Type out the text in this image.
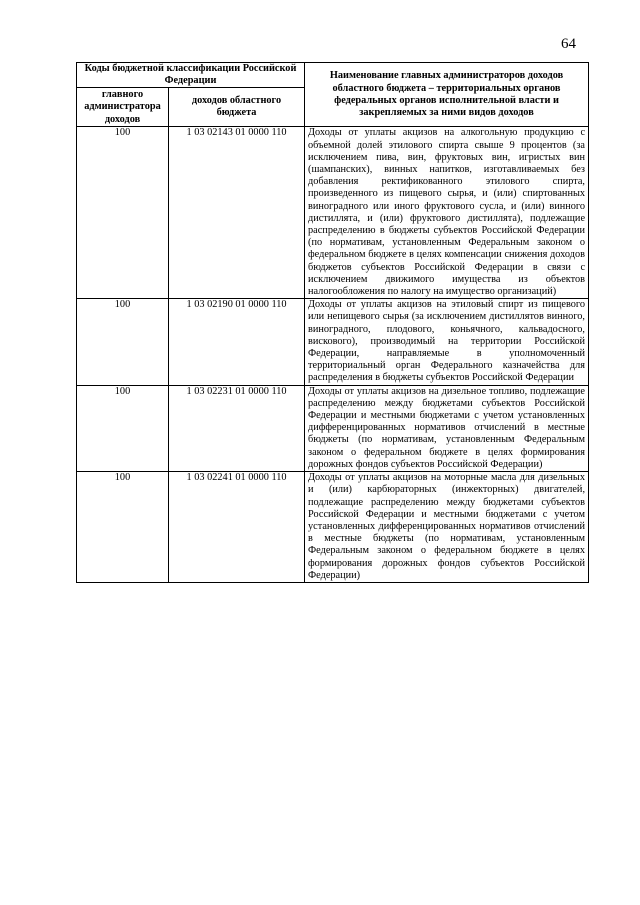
64
Коды бюджетной классификации Российской Федерации		Наименование главных администраторов доходов областного бюджета – территориальных органов федеральных органов исполнительной власти и закрепляемых за ними видов доходов
главного администратора доходов	доходов областного бюджета	
100	1 03 02143 01 0000 110	Доходы от уплаты акцизов на алкогольную продукцию с объемной долей этилового спирта свыше 9 процентов (за исключением пива, вин, фруктовых вин, игристых вин (шампанских), винных напитков, изготавливаемых без добавления ректификованного этилового спирта, произведенного из пищевого сырья, и (или) спиртованных виноградного или иного фруктового сусла, и (или) винного дистиллята, и (или) фруктового дистиллята), подлежащие распределению в бюджеты субъектов Российской Федерации (по нормативам, установленным Федеральным законом о федеральном бюджете в целях компенсации снижения доходов бюджетов субъектов Российской Федерации в связи с исключением движимого имущества из объектов налогообложения по налогу на имущество организаций)
100	1 03 02190 01 0000 110	Доходы от уплаты акцизов на этиловый спирт из пищевого или непищевого сырья (за исключением дистиллятов винного, виноградного, плодового, коньячного, кальвадосного, вискового), производимый на территории Российской Федерации, направляемые в уполномоченный территориальный орган Федерального казначейства для распределения в бюджеты субъектов Российской Федерации
100	1 03 02231 01 0000 110	Доходы от уплаты акцизов на дизельное топливо, подлежащие распределению между бюджетами субъектов Российской Федерации и местными бюджетами с учетом установленных дифференцированных нормативов отчислений в местные бюджеты (по нормативам, установленным Федеральным законом о федеральном бюджете в целях формирования дорожных фондов субъектов Российской Федерации)
100	1 03 02241 01 0000 110	Доходы от уплаты акцизов на моторные масла для дизельных и (или) карбюраторных (инжекторных) двигателей, подлежащие распределению между бюджетами субъектов Российской Федерации и местными бюджетами с учетом установленных дифференцированных нормативов отчислений в местные бюджеты (по нормативам, установленным Федеральным законом о федеральном бюджете в целях формирования дорожных фондов субъектов Российской Федерации)
